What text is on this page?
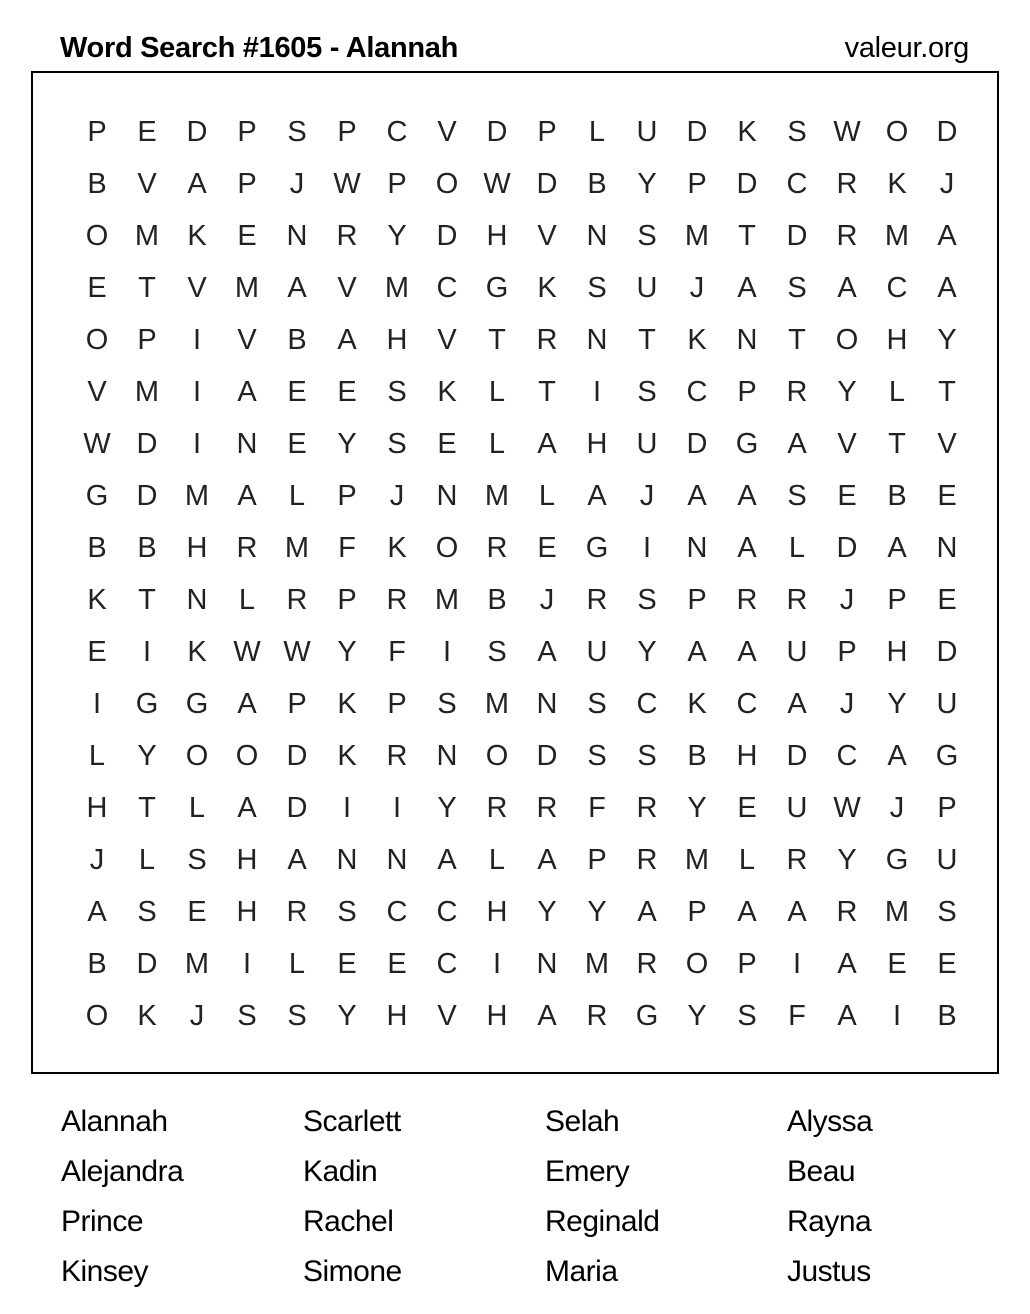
Word Search #1605 - Alannah	valeur.org
P	E	D	P	S	P	C	V	D	P	L	U	D	K	S W O D
B	V	A	P	J	W P	O W D	B	Y	P	D	C	R	K	J
O M K	E	N	R	Y	D	H	V	N	S M	T	D	R M A
E	T	V M A	V M C G	K	S	U	J	A	S	A	C	A
O	P	I	V	B	A	H	V	T	R	N	T	K	N	T	O H	Y
V M	I	A	E	E	S	K	L	T	I	S	C	P	R	Y	L	T
W D	I	N	E	Y	S	E	L	A	H	U	D G	A	V	T	V
G D M A	L	P	J	N M	L	A	J	A	A	S	E	B	E
B	B	H	R M	F	K	O R	E	G	I	N	A	L	D	A	N
K	T	N	L	R	P	R M B	J	R	S	P	R	R	J	P	E
E	I	K W W Y	F	I	S	A	U	Y	A	A	U	P	H	D
I	G G	A	P	K	P	S M N	S	C	K	C	A	J	Y	U
L	Y	O O D	K	R	N O D	S	S	B	H	D	C	A	G
H	T	L	A	D	I	I	Y	R	R	F	R	Y	E	U W	J	P
J	L	S	H	A	N	N	A	L	A	P	R M	L	R	Y	G U
A	S	E	H	R	S	C	C	H	Y	Y	A	P	A	A	R M S
B	D M	I	L	E	E	C	I	N M R O	P	I	A	E	E
O	K	J	S	S	Y	H	V	H	A	R G	Y	S	F	A	I	B
Alannah	Scarlett	Selah	Alyssa
Alejandra	Kadin	Emery	Beau
Prince	Rachel	Reginald	Rayna
Kinsey	Simone	Maria	Justus
